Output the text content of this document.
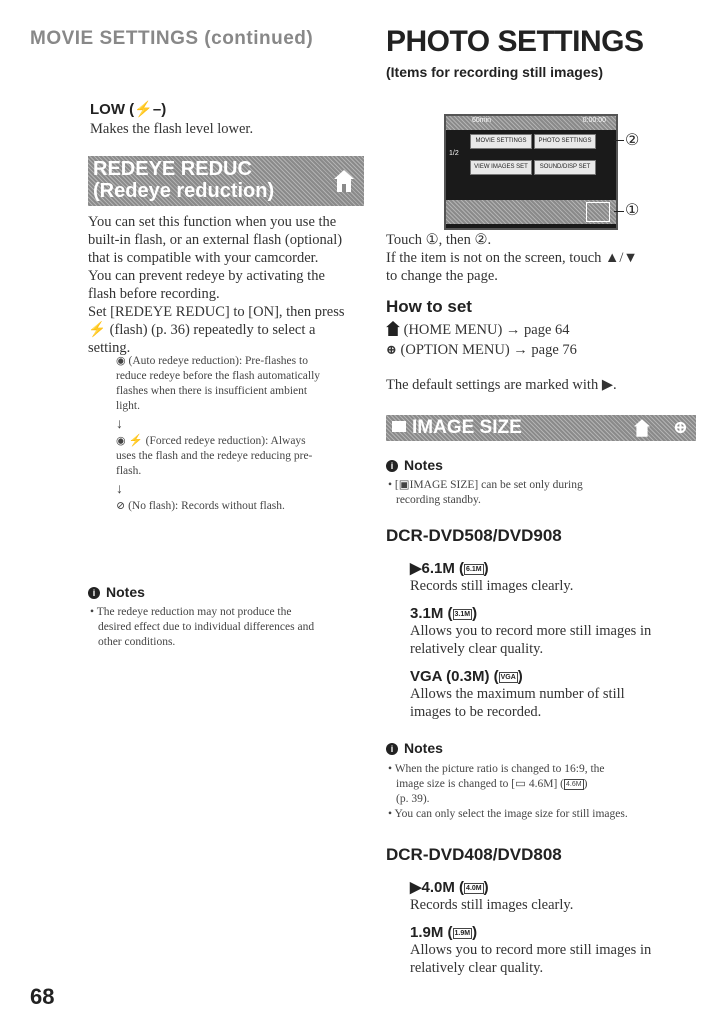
MOVIE SETTINGS (continued)
LOW (⚡–)
Makes the flash level lower.
REDEYE REDUC
(Redeye reduction)
You can set this function when you use the
built-in flash, or an external flash (optional)
that is compatible with your camcorder.
You can prevent redeye by activating the
flash before recording.
Set [REDEYE REDUC] to [ON], then press
⚡ (flash) (p. 36) repeatedly to select a
setting.
◉ (Auto redeye reduction): Pre-flashes to
reduce redeye before the flash automatically
flashes when there is insufficient ambient
light.
↓
◉ ⚡ (Forced redeye reduction): Always
uses the flash and the redeye reducing pre-
flash.
↓
⊘ (No flash): Records without flash.
i Notes
• The redeye reduction may not produce the
desired effect due to individual differences and
other conditions.
68
PHOTO SETTINGS
(Items for recording still images)
60min	0:00:00
MOVIE SETTINGS	PHOTO SETTINGS
1/2
VIEW IMAGES SET	SOUND/DISP SET
②
①
Touch ①, then ②.
If the item is not on the screen, touch ▲/▼
to change the page.
How to set
(HOME MENU) → page 64
⊕ (OPTION MENU) → page 76
The default settings are marked with ▶.
IMAGE SIZE	⊕
i Notes
• [▣IMAGE SIZE] can be set only during
recording standby.
DCR-DVD508/DVD908
▶6.1M ( 6.1M )
Records still images clearly.
3.1M ( 3.1M )
Allows you to record more still images in
relatively clear quality.
VGA (0.3M) ( VGA )
Allows the maximum number of still
images to be recorded.
i Notes
• When the picture ratio is changed to 16:9, the
image size is changed to [▭ 4.6M] ( 4.6M )
(p. 39).
• You can only select the image size for still images.
DCR-DVD408/DVD808
▶4.0M ( 4.0M )
Records still images clearly.
1.9M ( 1.9M )
Allows you to record more still images in
relatively clear quality.
